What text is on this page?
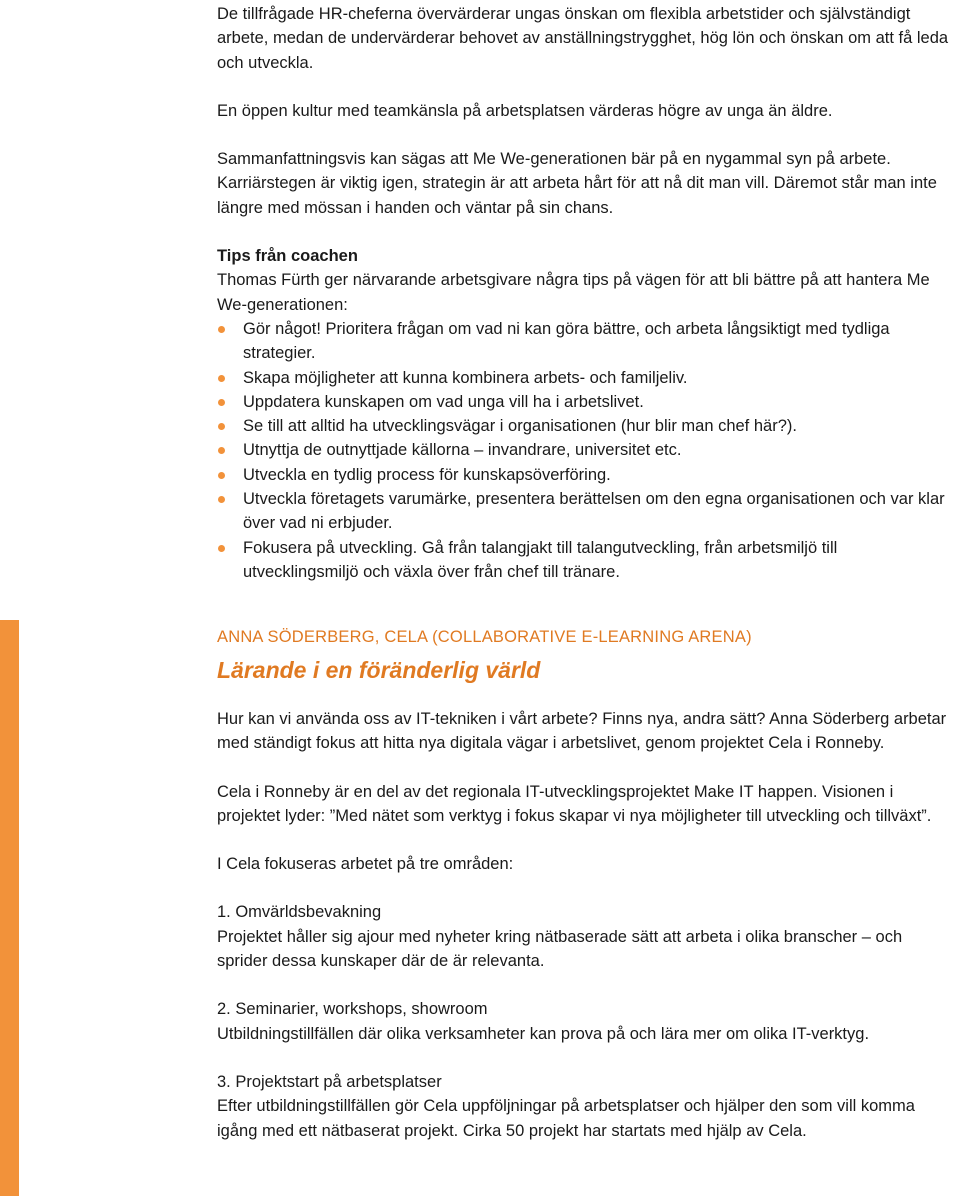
De tillfrågade HR-cheferna övervärderar ungas önskan om flexibla arbetstider och självständigt arbete, medan de undervärderar behovet av anställningstrygghet, hög lön och önskan om att få leda och utveckla.

En öppen kultur med teamkänsla på arbetsplatsen värderas högre av unga än äldre.

Sammanfattningsvis kan sägas att Me We-generationen bär på en nygammal syn på arbete. Karriärstegen är viktig igen, strategin är att arbeta hårt för att nå dit man vill. Däremot står man inte längre med mössan i handen och väntar på sin chans.

Tips från coachen

Thomas Fürth ger närvarande arbetsgivare några tips på vägen för att bli bättre på att hantera Me We-generationen:

Gör något! Prioritera frågan om vad ni kan göra bättre, och arbeta långsiktigt med tydliga strategier.
Skapa möjligheter att kunna kombinera arbets- och familjeliv.
Uppdatera kunskapen om vad unga vill ha i arbetslivet.
Se till att alltid ha utvecklingsvägar i organisationen (hur blir man chef här?).
Utnyttja de outnyttjade källorna – invandrare, universitet etc.
Utveckla en tydlig process för kunskapsöverföring.
Utveckla företagets varumärke, presentera berättelsen om den egna organisationen och var klar över vad ni erbjuder.
Fokusera på utveckling. Gå från talangjakt till talangutveckling, från arbetsmiljö till utvecklingsmiljö och växla över från chef till tränare.
ANNA SÖDERBERG, CELA (COLLABORATIVE E-LEARNING ARENA)
Lärande i en föränderlig värld

Hur kan vi använda oss av IT-tekniken i vårt arbete? Finns nya, andra sätt? Anna Söderberg arbetar med ständigt fokus att hitta nya digitala vägar i arbetslivet, genom projektet Cela i Ronneby.

Cela i Ronneby är en del av det regionala IT-utvecklingsprojektet Make IT happen. Visionen i projektet lyder: ”Med nätet som verktyg i fokus skapar vi nya möjligheter till utveckling och tillväxt”.

I Cela fokuseras arbetet på tre områden:

1. Omvärldsbevakning

Projektet håller sig ajour med nyheter kring nätbaserade sätt att arbeta i olika branscher – och sprider dessa kunskaper där de är relevanta.

2. Seminarier, workshops, showroom

Utbildningstillfällen där olika verksamheter kan prova på och lära mer om olika IT-verktyg.

3. Projektstart på arbetsplatser

Efter utbildningstillfällen gör Cela uppföljningar på arbetsplatser och hjälper den som vill komma igång med ett nätbaserat projekt. Cirka 50 projekt har startats med hjälp av Cela.
